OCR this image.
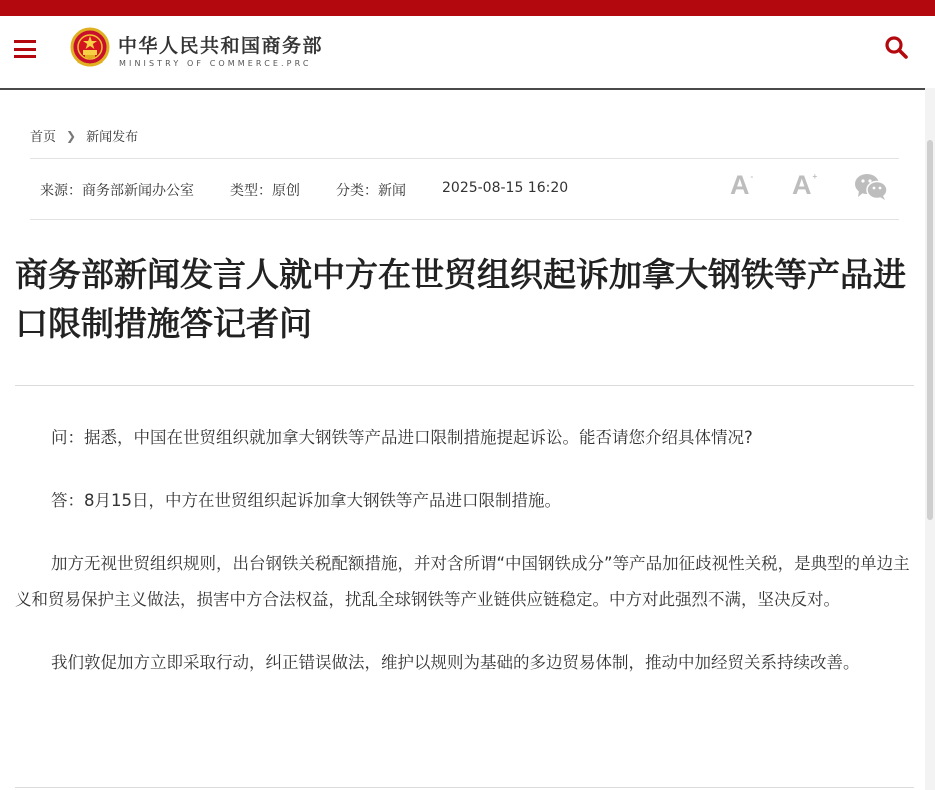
中华人民共和国商务部
MINISTRY OF COMMERCE.PRC
首页 ❯ 新闻发布
来源：商务部新闻办公室	类型：原创	分类：新闻	2025-08-15 16:20	A- A+
商务部新闻发言人就中方在世贸组织起诉加拿大钢铁等产品进口限制措施答记者问

问：据悉，中国在世贸组织就加拿大钢铁等产品进口限制措施提起诉讼。能否请您介绍具体情况?

答：8月15日，中方在世贸组织起诉加拿大钢铁等产品进口限制措施。

加方无视世贸组织规则，出台钢铁关税配额措施，并对含所谓“中国钢铁成分”等产品加征歧视性关税，是典型的单边主义和贸易保护主义做法，损害中方合法权益，扰乱全球钢铁等产业链供应链稳定。中方对此强烈不满，坚决反对。

我们敦促加方立即采取行动，纠正错误做法，维护以规则为基础的多边贸易体制，推动中加经贸关系持续改善。
